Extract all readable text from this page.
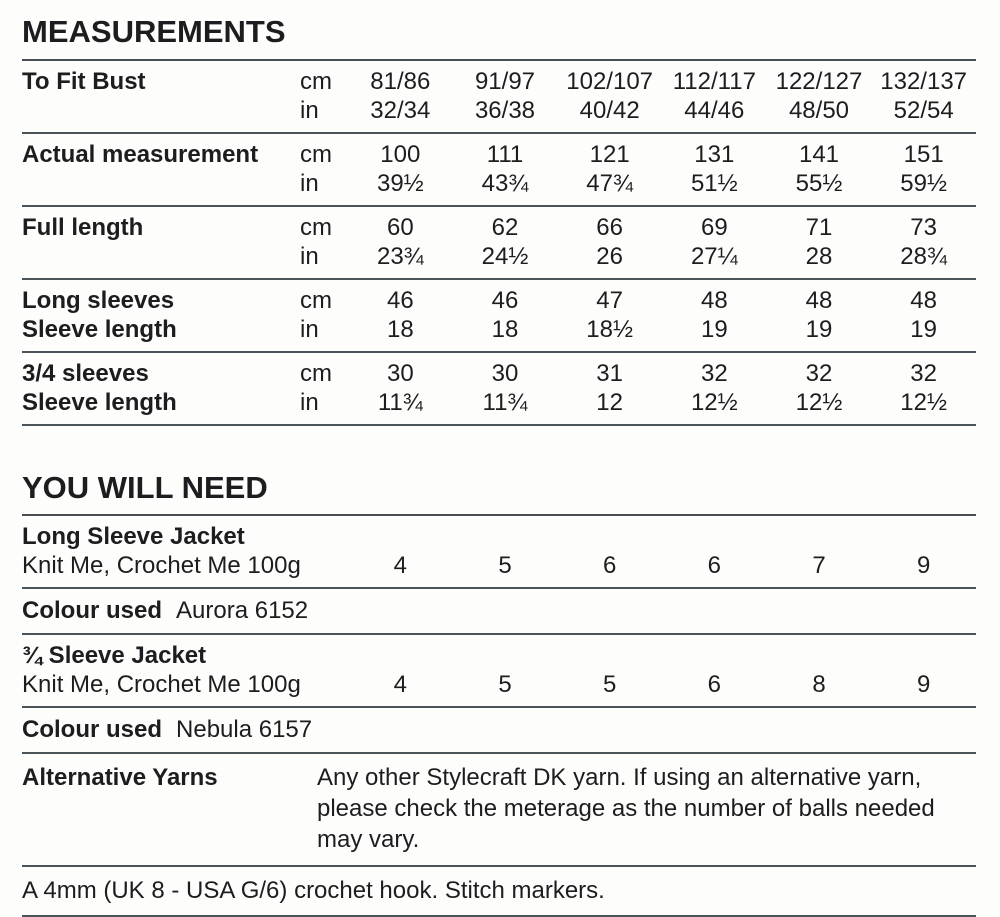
MEASUREMENTS
To Fit Bust	cm	81/86	91/97	102/107 112/117 122/127 132/137
in	32/34	36/38	40/42	44/46	48/50	52/54
Actual measurement	cm	100	111	121	131	141	151
in	39½	43¾	47¾	51½	55½	59½
Full length	cm	60	62	66	69	71	73
in	23¾	24½	26	27¼	28	28¾
Long sleeves	cm	46	46	47	48	48	48
Sleeve length	in	18	18	18½	19	19	19
3/4 sleeves	cm	30	30	31	32	32	32
Sleeve length	in	11¾	11¾	12	12½	12½	12½
YOU WILL NEED
Long Sleeve Jacket
Knit Me, Crochet Me 100g	4	5	6	6	7	9
Colour used Aurora 6152
¾ Sleeve Jacket
Knit Me, Crochet Me 100g	4	5	5	6	8	9
Colour used Nebula 6157
Alternative Yarns	Any other Stylecraft DK yarn. If using an alternative yarn, please check the meterage as the number of balls needed may vary.
A 4mm (UK 8 - USA G/6) crochet hook. Stitch markers.
